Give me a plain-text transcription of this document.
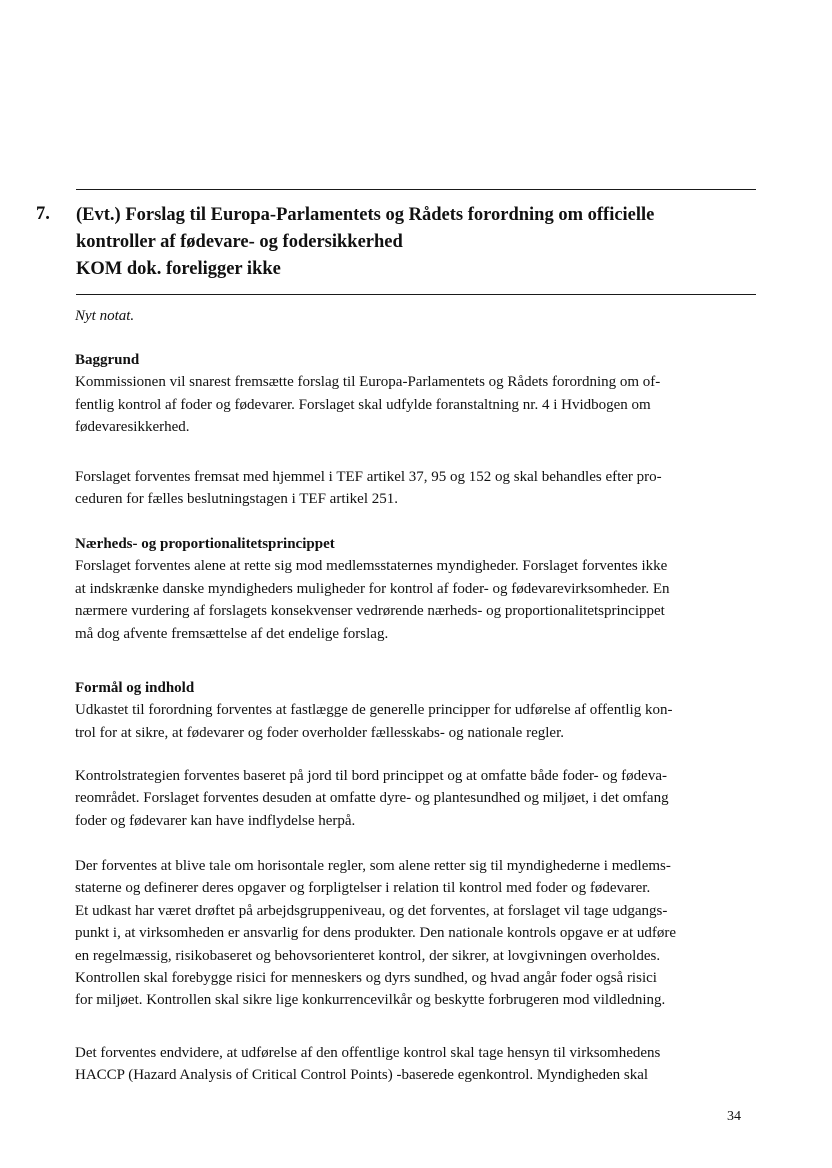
7. (Evt.) Forslag til Europa-Parlamentets og Rådets forordning om officielle
kontroller af fødevare- og fodersikkerhed
KOM dok. foreligger ikke
Nyt notat.
Baggrund
Kommissionen vil snarest fremsætte forslag til Europa-Parlamentets og Rådets forordning om of-
fentlig kontrol af foder og fødevarer. Forslaget skal udfylde foranstaltning nr. 4 i Hvidbogen om
fødevaresikkerhed.
Forslaget forventes fremsat med hjemmel i TEF artikel 37, 95 og 152 og skal behandles efter pro-
ceduren for fælles beslutningstagen i TEF artikel 251.
Nærheds- og proportionalitetsprincippet
Forslaget forventes alene at rette sig mod medlemsstaternes myndigheder. Forslaget forventes ikke
at indskrænke danske myndigheders muligheder for kontrol af foder- og fødevarevirksomheder. En
nærmere vurdering af forslagets konsekvenser vedrørende nærheds- og proportionalitetsprincippet
må dog afvente fremsættelse af det endelige forslag.
Formål og indhold
Udkastet til forordning forventes at fastlægge de generelle principper for udførelse af offentlig kon-
trol for at sikre, at fødevarer og foder overholder fællesskabs- og nationale regler.
Kontrolstrategien forventes baseret på jord til bord princippet og at omfatte både foder- og fødeva-
reområdet. Forslaget forventes desuden at omfatte dyre- og plantesundhed og miljøet, i det omfang
foder og fødevarer kan have indflydelse herpå.
Der forventes at blive tale om horisontale regler, som alene retter sig til myndighederne i medlems-
staterne og definerer deres opgaver og forpligtelser i relation til kontrol med foder og fødevarer.
Et udkast har været drøftet på arbejdsgruppeniveau, og det forventes, at forslaget vil tage udgangs-
punkt i, at virksomheden er ansvarlig for dens produkter. Den nationale kontrols opgave er at udføre
en regelmæssig, risikobaseret og behovsorienteret kontrol, der sikrer, at lovgivningen overholdes.
Kontrollen skal forebygge risici for menneskers og dyrs sundhed, og hvad angår foder også risici
for miljøet. Kontrollen skal sikre lige konkurrencevilkår og beskytte forbrugeren mod vildledning.
Det forventes endvidere, at udførelse af den offentlige kontrol skal tage hensyn til virksomhedens
HACCP (Hazard Analysis of Critical Control Points) -baserede egenkontrol. Myndigheden skal
34
